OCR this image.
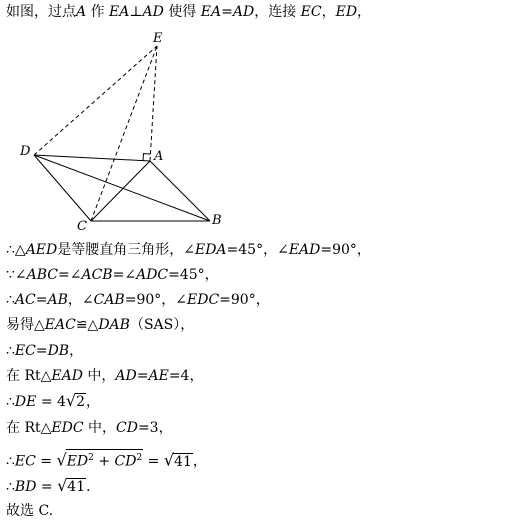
如图，过点A 作 EA⊥AD 使得 EA=AD，连接 EC，ED，
E
D	A
C	B
∴△AED是等腰直角三角形，∠EDA=45°，∠EAD=90°，
∵∠ABC=∠ACB=∠ADC=45°，
∴AC=AB，∠CAB=90°，∠EDC=90°，
易得△EAC≌△DAB（SAS），
∴EC=DB，
在 Rt△EAD 中，AD=AE=4，
∴DE = 4√2，
在 Rt△EDC 中，CD=3，
∴EC = $√ED^2 + CD^2 = √41$，
∴BD = √41．
故选 C.
